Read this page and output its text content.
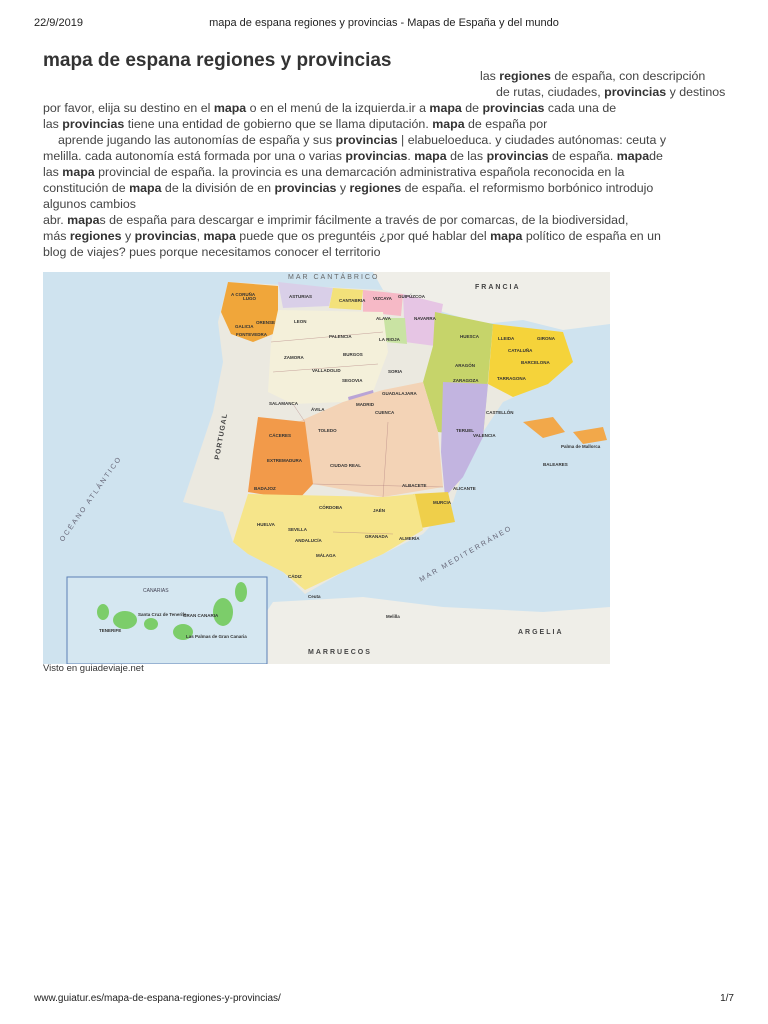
22/9/2019	mapa de espana regiones y provincias - Mapas de España y del mundo
mapa de espana regiones y provincias
las regiones de españa, con descripción
de rutas, ciudades, provincias y destinos
por favor, elija su destino en el mapa o en el menú de la izquierda.ir a mapa de provincias cada una de
las provincias tiene una entidad de gobierno que se llama diputación. mapa de españa por
aprende jugando las autonomías de españa y sus provincias | elabueloeduca. y ciudades autónomas: ceuta y
melilla. cada autonomía está formada por una o varias provincias. mapa de las provincias de españa. mapade
las mapa provincial de españa. la provincia es una demarcación administrativa española reconocida en la
constitución de mapa de la división de en provincias y regiones de españa. el reformismo borbónico introdujo
algunos cambios
abr. mapas de españa para descargar e imprimir fácilmente a través de por comarcas, de la biodiversidad,
más regiones y provincias, mapa puede que os preguntéis ¿por qué hablar del mapa político de españa en un
blog de viajes? pues porque necesitamos conocer el territorio
MAR CANTÁBRICO
FRANCIA
PORTUGAL
OCÉANO ATLÁNTICO
MAR MEDITERRÁNEO
MARRUECOS
ARGELIA
CANARIAS
A CORUÑA
LUGO
GALICIA
ORENSE
FONTEVEDRA
ASTURIAS
CANTABRIA
LEON
PALENCIA
BURGOS
VIZCAYA GUIPÚZCOA
NAVARRA
ALAVA
LA RIOJA
HUESCA	LLEIDA	GIRONA
CATALUÑA
BARCELONA
TARRAGONA
ZARAGOZA
ARAGÓN
TERUEL
ZAMORA
VALLADOLID	SORIA
SEGOVIA
SALAMANCA
ÁVILA
MADRID
GUADALAJARA
CUENCA
TOLEDO
CASTELLÓN
VALENCIA
CÁCERES
EXTREMADURA
BADAJOZ
CIUDAD REAL
ALBACETE
ALICANTE
MURCIA
CÓRDOBA
JAÉN
HUELVA
SEVILLA
ANDALUCÍA
GRANADA ALMERÍA
MÁLAGA
CÁDIZ
Ceuta
Melilla
Palma de Mallorca
BALEARES
GRAN CANARIA
TENERIFE
Santa Cruz de Tenerife
Las Palmas de Gran Canaria
Visto en guiadeviaje.net
www.guiatur.es/mapa-de-espana-regiones-y-provincias/	1/7
